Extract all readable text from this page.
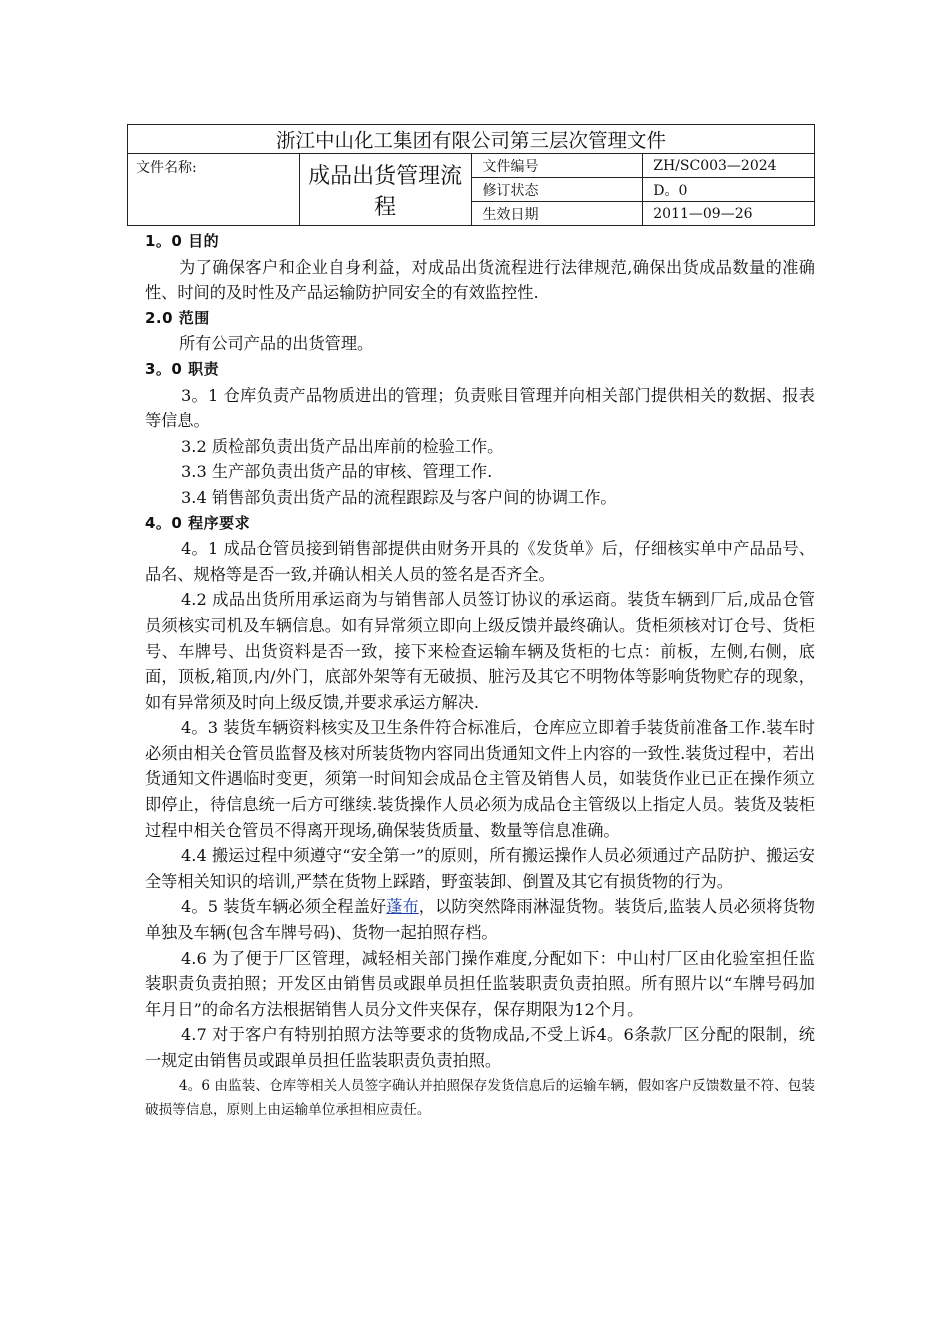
浙江中山化工集团有限公司第三层次管理文件			
文件名称:	成品出货管理流程	文件编号	ZH/SC003—2024
		修订状态	D。0
		生效日期	2011—09—26

1。0 目的

为了确保客户和企业自身利益，对成品出货流程进行法律规范,确保出货成品数量的准确性、时间的及时性及产品运输防护同安全的有效监控性.

2.0 范围

所有公司产品的出货管理。

3。0 职责

3。1 仓库负责产品物质进出的管理；负责账目管理并向相关部门提供相关的数据、报表等信息。

3.2 质检部负责出货产品出库前的检验工作。

3.3 生产部负责出货产品的审核、管理工作.

3.4 销售部负责出货产品的流程跟踪及与客户间的协调工作。

4。0 程序要求

4。1 成品仓管员接到销售部提供由财务开具的《发货单》后，仔细核实单中产品品号、品名、规格等是否一致,并确认相关人员的签名是否齐全。

4.2 成品出货所用承运商为与销售部人员签订协议的承运商。装货车辆到厂后,成品仓管员须核实司机及车辆信息。如有异常须立即向上级反馈并最终确认。货柜须核对订仓号、货柜号、车牌号、出货资料是否一致，接下来检查运输车辆及货柜的七点：前板，左侧,右侧，底面，顶板,箱顶,内/外门，底部外架等有无破损、脏污及其它不明物体等影响货物贮存的现象，如有异常须及时向上级反馈,并要求承运方解决.

4。3 装货车辆资料核实及卫生条件符合标准后，仓库应立即着手装货前准备工作.装车时必须由相关仓管员监督及核对所装货物内容同出货通知文件上内容的一致性.装货过程中，若出货通知文件遇临时变更，须第一时间知会成品仓主管及销售人员，如装货作业已正在操作须立即停止，待信息统一后方可继续.装货操作人员必须为成品仓主管级以上指定人员。装货及装柜过程中相关仓管员不得离开现场,确保装货质量、数量等信息准确。

4.4 搬运过程中须遵守“安全第一”的原则，所有搬运操作人员必须通过产品防护、搬运安全等相关知识的培训,严禁在货物上踩踏，野蛮装卸、倒置及其它有损货物的行为。

4。5 装货车辆必须全程盖好蓬布，以防突然降雨淋湿货物。装货后,监装人员必须将货物单独及车辆(包含车牌号码)、货物一起拍照存档。

4.6 为了便于厂区管理，减轻相关部门操作难度,分配如下：中山村厂区由化验室担任监装职责负责拍照；开发区由销售员或跟单员担任监装职责负责拍照。所有照片以“车牌号码加年月日”的命名方法根据销售人员分文件夹保存，保存期限为12个月。

4.7 对于客户有特别拍照方法等要求的货物成品,不受上诉4。6条款厂区分配的限制，统一规定由销售员或跟单员担任监装职责负责拍照。

4。6 由监装、仓库等相关人员签字确认并拍照保存发货信息后的运输车辆，假如客户反馈数量不符、包装破损等信息，原则上由运输单位承担相应责任。
